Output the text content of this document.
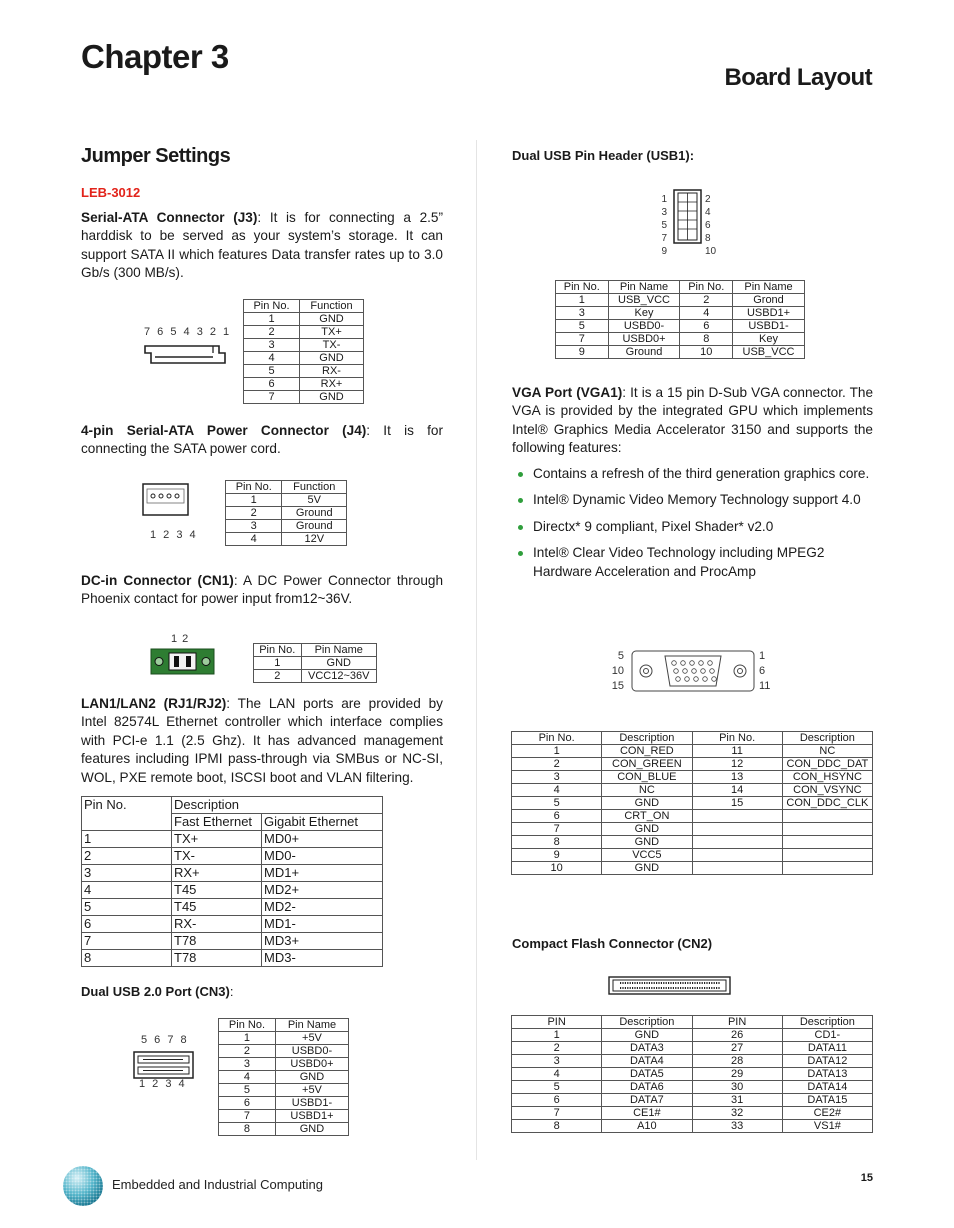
Chapter 3
Board Layout
Jumper Settings
LEB-3012
Serial-ATA Connector (J3): It is for connecting a 2.5” harddisk to be served as your system’s storage. It can support SATA II which features Data transfer rates up to 3.0 Gb/s (300 MB/s).
7 6 5 4 3 2 1
Pin No.	Function
1	GND
2	TX+
3	TX-
4	GND
5	RX-
6	RX+
7	GND
4-pin Serial-ATA Power Connector (J4): It is for connecting the SATA power cord.
1 2 3 4
Pin No.	Function
1	5V
2	Ground
3	Ground
4	12V
DC-in Connector (CN1): A DC Power Connector through Phoenix contact for power input from12~36V.
1 2
Pin No.	Pin Name
1	GND
2	VCC12~36V
LAN1/LAN2 (RJ1/RJ2): The LAN ports are provided by Intel 82574L Ethernet controller which interface complies with PCI-e 1.1 (2.5 Ghz). It has advanced management features including IPMI pass-through via SMBus or NC-SI, WOL, PXE remote boot, ISCSI boot and VLAN filtering.
Pin No.	Description	
	Fast Ethernet	Gigabit Ethernet
1	TX+	MD0+
2	TX-	MD0-
3	RX+	MD1+
4	T45	MD2+
5	T45	MD2-
6	RX-	MD1-
7	T78	MD3+
8	T78	MD3-
Dual USB 2.0 Port (CN3):
5 6 7 8
1 2 3 4
Pin No.	Pin Name
1	+5V
2	USBD0-
3	USBD0+
4	GND
5	+5V
6	USBD1-
7	USBD1+
8	GND
Dual USB Pin Header (USB1):
1
3
5
7
9
2
4
6
8
10
Pin No.	Pin Name	Pin No.	Pin Name
1	USB_VCC	2	Grond
3	Key	4	USBD1+
5	USBD0-	6	USBD1-
7	USBD0+	8	Key
9	Ground	10	USB_VCC
VGA Port (VGA1): It is a 15 pin D-Sub VGA connector. The VGA is provided by the integrated GPU which implements Intel® Graphics Media Accelerator 3150 and supports the following features:
Contains a refresh of the third generation graphics core.
Intel® Dynamic Video Memory Technology support 4.0
Directx* 9 compliant, Pixel Shader* v2.0
Intel® Clear Video Technology including MPEG2 Hardware Acceleration and ProcAmp
5
10
15
1
6
11
Pin No.	Description	Pin No.	Description
1	CON_RED	11	NC
2	CON_GREEN	12	CON_DDC_DAT
3	CON_BLUE	13	CON_HSYNC
4	NC	14	CON_VSYNC
5	GND	15	CON_DDC_CLK
6	CRT_ON		
7	GND		
8	GND		
9	VCC5		
10	GND		
Compact Flash Connector (CN2)
PIN	Description	PIN	Description
1	GND	26	CD1-
2	DATA3	27	DATA11
3	DATA4	28	DATA12
4	DATA5	29	DATA13
5	DATA6	30	DATA14
6	DATA7	31	DATA15
7	CE1#	32	CE2#
8	A10	33	VS1#
Embedded and Industrial Computing	15
